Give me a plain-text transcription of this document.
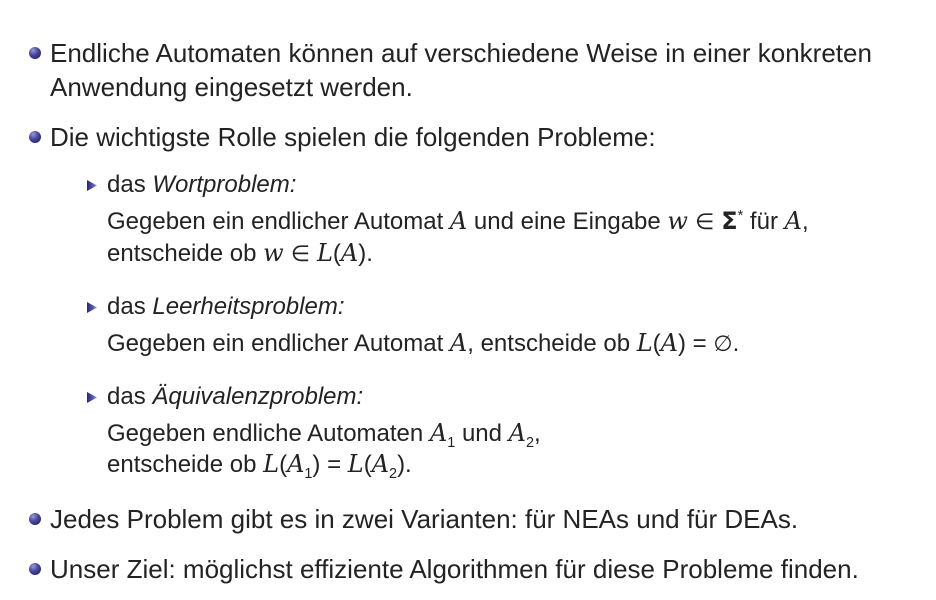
Endliche Automaten können auf verschiedene Weise in einer konkreten
Anwendung eingesetzt werden.
Die wichtigste Rolle spielen die folgenden Probleme:
das Wortproblem:
Gegeben ein endlicher Automat A und eine Eingabe w ∈ Σ* für A,
entscheide ob w ∈ L(A).
das Leerheitsproblem:
Gegeben ein endlicher Automat A, entscheide ob L(A) = ∅.
das Äquivalenzproblem:
Gegeben endliche Automaten $A_1$ und $A_2$,
entscheide ob $L(A_1) = L(A_2)$.
Jedes Problem gibt es in zwei Varianten: für NEAs und für DEAs.
Unser Ziel: möglichst effiziente Algorithmen für diese Probleme finden.
